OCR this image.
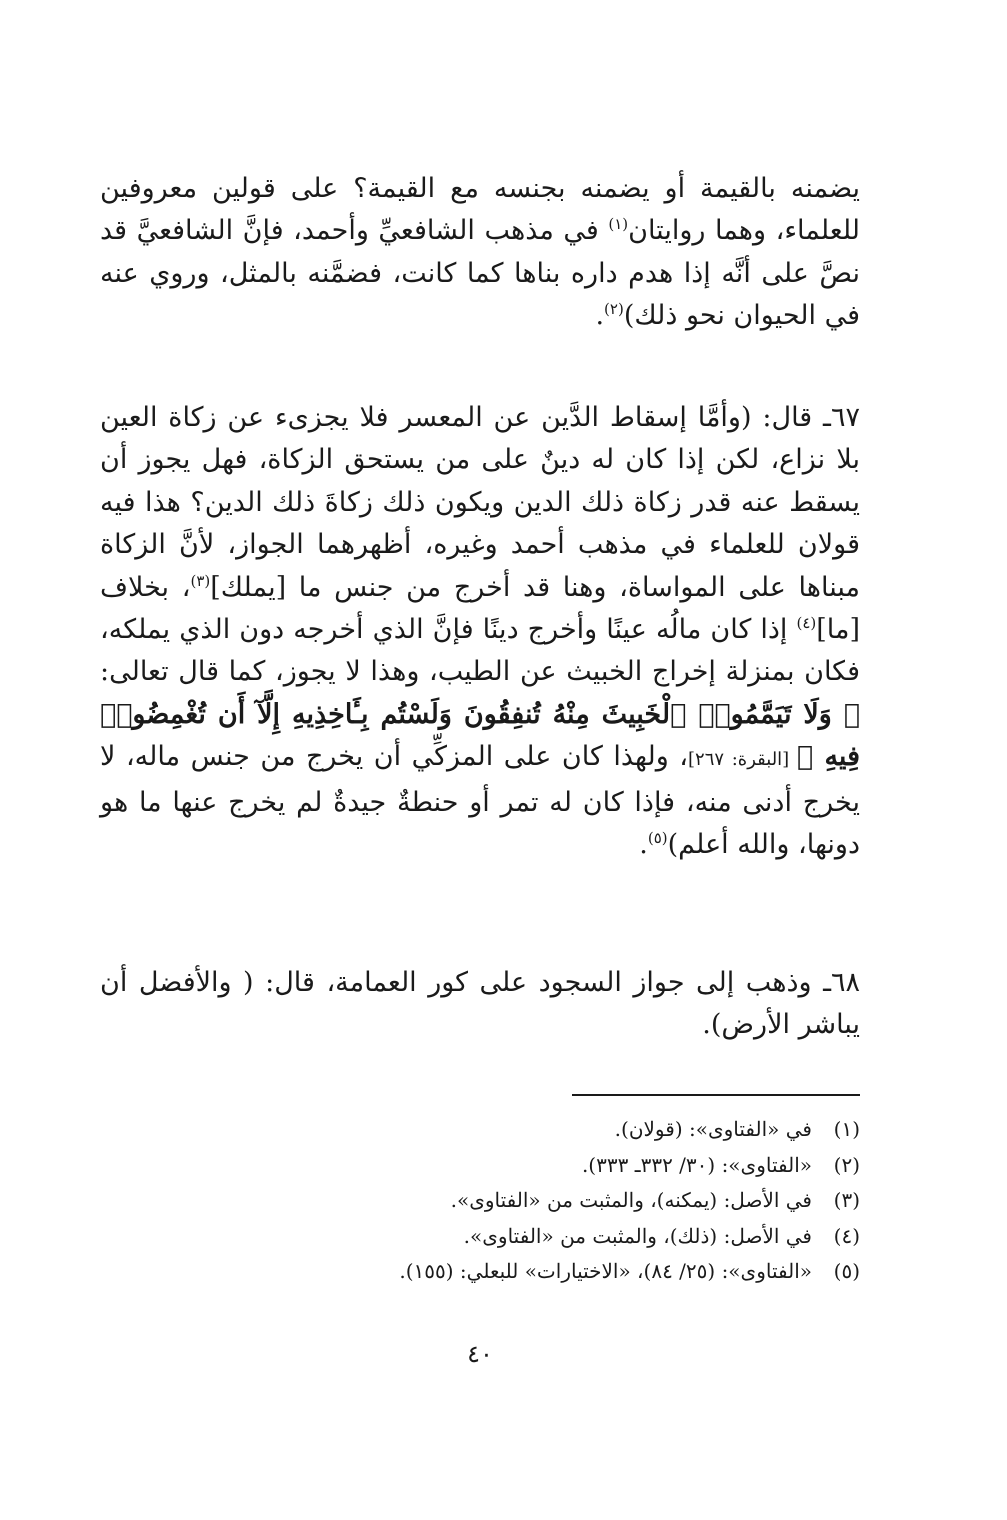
يضمنه بالقيمة أو يضمنه بجنسه مع القيمة؟ على قولين معروفين للعلماء، وهما روايتان$^{(١)}$ في مذهب الشافعيِّ وأحمد، فإنَّ الشافعيَّ قد نصَّ على أنَّه إذا هدم داره بناها كما كانت، فضمَّنه بالمثل، وروي عنه في الحيوان نحو ذلك)$^{(٢)}$.

٦٧ـ قال: (وأمَّا إسقاط الدَّين عن المعسر فلا يجزىء عن زكاة العين بلا نزاع، لكن إذا كان له دينٌ على من يستحق الزكاة، فهل يجوز أن يسقط عنه قدر زكاة ذلك الدين ويكون ذلك زكاةَ ذلك الدين؟ هذا فيه قولان للعلماء في مذهب أحمد وغيره، أظهرهما الجواز، لأنَّ الزكاة مبناها على المواساة، وهنا قد أخرج من جنس ما [يملك]$^{(٣)}$، بخلاف [ما]$^{(٤)}$ إذا كان مالُه عينًا وأخرج دينًا فإنَّ الذي أخرجه دون الذي يملكه، فكان بمنزلة إخراج الخبيث عن الطيب، وهذا لا يجوز، كما قال تعالى: ﴿ وَلَا تَيَمَّمُوا۟ ٱلْخَبِيثَ مِنْهُ تُنفِقُونَ وَلَسْتُم بِـَٔاخِذِيهِ إِلَّآ أَن تُغْمِضُوا۟ فِيهِ ﴾ [البقرة: ٢٦٧]، ولهذا كان على المزكِّي أن يخرج من جنس ماله، لا يخرج أدنى منه، فإذا كان له تمر أو حنطةٌ جيدةٌ لم يخرج عنها ما هو دونها، والله أعلم)$^{(٥)}$.

٦٨ـ وذهب إلى جواز السجود على كور العمامة، قال: ( والأفضل أن يباشر الأرض).

(١)في «الفتاوى»: (قولان).
(٢)«الفتاوى»: (٣٠/ ٣٣٢ـ ٣٣٣).
(٣)في الأصل: (يمكنه)، والمثبت من «الفتاوى».
(٤)في الأصل: (ذلك)، والمثبت من «الفتاوى».
(٥)«الفتاوى»: (٢٥/ ٨٤)، «الاختيارات» للبعلي: (١٥٥).
٤٠
